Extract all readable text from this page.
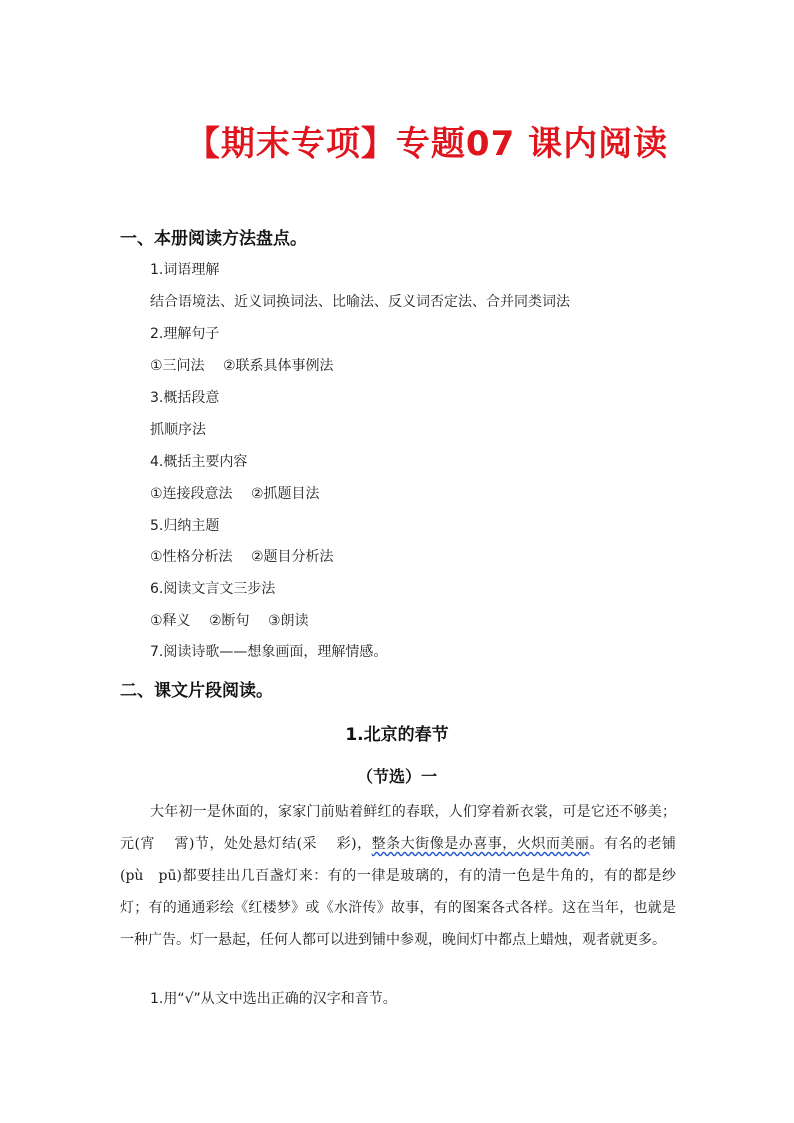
【期末专项】专题07 课内阅读
一、本册阅读方法盘点。
1.词语理解
结合语境法、近义词换词法、比喻法、反义词否定法、合并同类词法
2.理解句子
①三问法　 ②联系具体事例法
3.概括段意
抓顺序法
4.概括主要内容
①连接段意法　 ②抓题目法
5.归纳主题
①性格分析法　 ②题目分析法
6.阅读文言文三步法
①释义　 ②断句　 ③朗读
7.阅读诗歌——想象画面，理解情感。
二、课文片段阅读。
1.北京的春节
（节选）一
大年初一是休面的，家家门前贴着鲜红的春联，人们穿着新衣裳，可是它还不够美；元(宵　 霄)节，处处悬灯结(采　 彩)，整条大街像是办喜事，火炽而美丽。有名的老铺(pù　pū)都要挂出几百盏灯来：有的一律是玻璃的，有的清一色是牛角的，有的都是纱灯；有的通通彩绘《红楼梦》或《水浒传》故事，有的图案各式各样。这在当年，也就是一种广告。灯一悬起，任何人都可以进到铺中参观，晚间灯中都点上蜡烛，观者就更多。
1.用“√”从文中选出正确的汉字和音节。
